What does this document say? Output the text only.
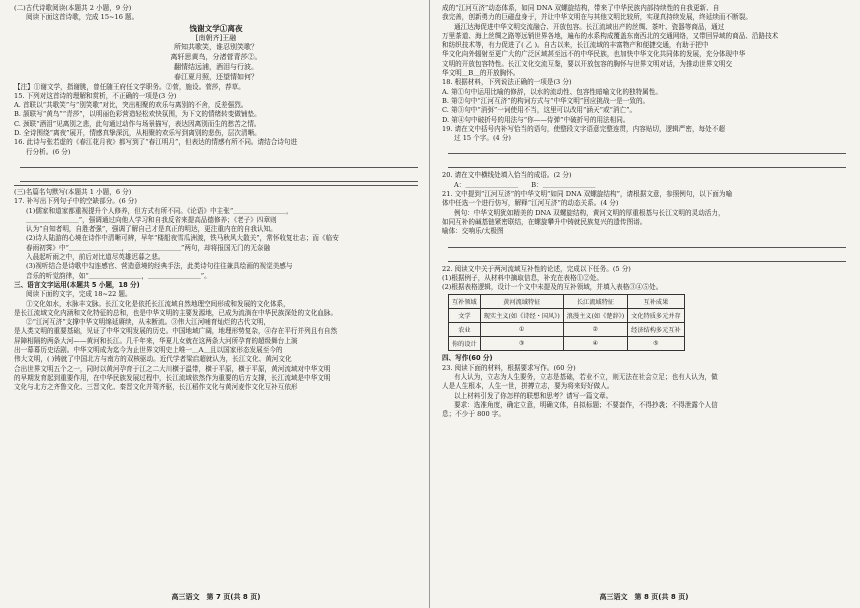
(二)古代诗歌阅读(本题共 2 小题，9 分)
阅读下面这首诗歌，完成 15~16 题。
饯谢文学①离夜
[南朝齐]王融
所知共歌笑，谁忍别笑歌？
离轩思黄鸟，分渚菅青莎②。
翻情结远浦，酒泪与行波。
春江夏月照，还望情如何？
【注】①谢文学，指谢朓，曾任随王府任文学职务。②菅，施设。菅莎，荐草。
15. 下列对这首诗的理解和赏析，不正确的一项是(3 分)
A. 首联以“共歌笑”与“别笑歌”对比，突出相聚的欢乐与离别的不舍，反差强烈。
B. 颔联写“黄鸟”“青莎”，以明丽色彩营造轻松欢快氛围，为下文的情绪转变做铺垫。
C. 颈联“酒泪”见离别之悲，此句通过动作与场景描写，表达因离别而生的愁苦之情。
D. 全诗围绕“离夜”展开，情感真挚深沉，从相聚的欢乐写到离别的悲伤，层次清晰。
16. 此诗与张若虚的《春江花月夜》都写到了“春江明月”，但表达的情感有所不同。请结合诗句进
行分析。(6 分)
(三)名篇名句默写(本题共 1 小题，6 分)
17. 补写出下列句子中的空缺部分。(6 分)
(1)儒家和道家都重视提升个人修养，但方式有所不同。《论语》中主张“＿＿＿＿＿＿＿＿，
＿＿＿＿＿＿＿＿”，强调通过向他人学习和自我反省来提高品德修养；《老子》四章则
认为“自知者明，自胜者强”，强调了解自己才是真正的明达，更注重内在的自我认知。
(2)诗人陆游的心境在诗作中清晰可辨，早年“楼船夜雪瓜洲渡，铁马秋风大散关”，常怀收复壮志；而《临安
春雨初霁》中“＿＿＿＿＿＿＿＿，＿＿＿＿＿＿＿＿”两句，却将报国无门的无奈融
入晨起听雨之中，前后对比道尽英雄迟暮之悲。
(3)视听结合是诗歌中勾连感官、营造意境的经典手法，此类诗句往往兼具绘画的视觉美感与
音乐的听觉韵律，如“＿＿＿＿＿＿＿＿，＿＿＿＿＿＿＿＿”。
三、语言文字运用(本题共 5 小题，18 分)
阅读下面的文字，完成 18~22 题。
①文化如水，水脉丰文脉。长江文化是依托长江流域自然地理空间形成和发展的文化体系，
是长江流域文化内涵和文化特征的总和，也是中华文明的主要发源地，已成为流淌在中华民族深处的文化血脉。
②“江河互济”支撑中华文明绵延赓续，从未断流。③伟大江河哺育灿烂的古代文明，
是人类文明的重要基础，见证了中华文明发展的历史。中国地域广阔，地理形势复杂，④存在平行并列且有自然
屏障相隔的两条大河——黄河和长江。几千年来，华夏儿女就在这两条大河所孕育的超级舞台上演
出一幕幕历史话剧。中华文明成为迄今为止世界文明史上唯一＿A＿且以国家形态发展至今的
伟大文明，( )铸就了中国北方与南方的双核驱动。近代学者梁启超就认为，长江文化、黄河文化
合出世界文明五个之一，同时以黄河孕育于江之二大川横于温带，横于平原，横于平原，黄河流域对中华文明
的早期发育起到重要作用，在中华民族发展过程中，长江流域依然作为重要的后方支撑，长江流域是中华文明
文化与北方之齐鲁文化、三晋文化、秦晋文化并驾齐驱，长江稻作文化与黄河麦作文化互补互依形
高三语文　第 7 页(共 8 页)
成的“江河互济”动态体系，如同 DNA 双螺旋结构，带来了中华民族内部持续性的自我更新、自
我完善，创新勇力的巨磁盘身于，并让中华文明在与其他文明比较所，实现真持续发展，终延续而不断裂。
通江达海促进中华文明交流融合、开放包容。长江流域出产的丝绸、茶叶、瓷器等商品，通过
万里茶道、海上丝绸之路等远销世界各地，遍布的水系构成覆盖东南西北的交通网络，又带回异域的商品、沿路技术
和纺织技术等，有力促进了( 乙 )。自古以来，长江流域的丰富物产和便捷交通，有助于把中
华文化向外辐射至更广大的广泛区域甚至远不的中华民族，也加快中华文化共同体的发展，充分体现中华
文明的开放包容特性。长江文化交流互鉴，要以开放包容的胸怀与世界文明对话，为推动世界文明交
华文明＿B＿的开放胸怀。
18. 根据材料，下列说法正确的一项是(3 分)
A. 第①句中运用比喻的修辞，以水的流动性、包容性暗喻文化的独特属性。
B. 第②句中“江河互济”的构词方式与“中华文明”回应挑战一是一致的。
C. 第③句中“消弭”一词使用不当，这里可以改用“涵天”或“消亡”。
D. 第④句中破折号的用法与“你——侍弹”中破折号的用法相同。
19. 请在文中括号内补写恰当的语句，使整段文字语意完整连贯，内容贴切，逻辑严密，每处不超
过 15 个字。(4 分)
20. 请在文中横线处填入恰当的成语。(2 分)
A：＿＿＿＿＿＿＿＿　　B：＿＿＿＿＿＿＿＿
21. 文中提到“江河互济”的中华文明“如同 DNA 双螺旋结构”，请根据文意，参照例句，以下面为喻
体中任选一个进行仿写，解释“江河互济”的动态关系。(4 分)
例句：中华文明犹如精美的 DNA 双螺旋结构，黄河文明的厚重根基与长江文明的灵动活力，
如同互补的碱基链紧密联结，在螺旋攀升中铸就民族复兴的遗传图谱。
喻体：交响乐/太极图
22. 阅读文中关于两河流域互补性的论述，完成以下任务。(5 分)
(1)根据例子，从材料中摘取信息，补充在表格①②处。
(2)根据表格逻辑，设计一个文中未提及的互补领域，并填入表格③④⑤处。
互补领域	黄河流域特征	长江流域特征	互补成果
文学	现实主义(如《诗经・国风》)	浪漫主义(如《楚辞》)	文化特质多元并存
农业	①	②	经济结构多元互补
你的设计	③	④	⑤
四、写作(60 分)
23. 阅读下面的材料，根据要求写作。(60 分)
有人认为，立志为人生要务，立志是基础，若业不立，则无法在社会立足；也有人认为，做
人是人生根本，人生一世，拼搏立志，要为将来好好做人。
以上材料引发了你怎样的联想和思考？请写一篇文章。
要求：选准角度，确定立意，明确文体，自拟标题；不要套作，不得抄袭；不得泄露个人信
息；不少于 800 字。
高三语文　第 8 页(共 8 页)
